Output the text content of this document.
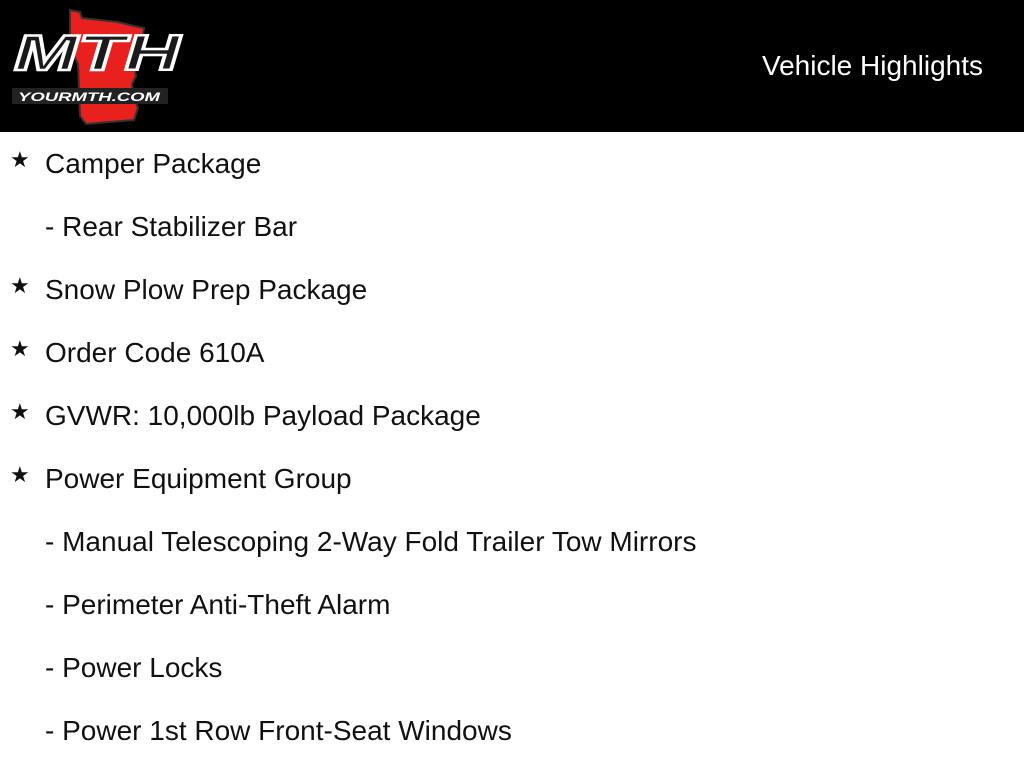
MTH
YOURMTH.COM
Vehicle Highlights
★ Camper Package
- Rear Stabilizer Bar
★ Snow Plow Prep Package
★ Order Code 610A
★ GVWR: 10,000lb Payload Package
★ Power Equipment Group
- Manual Telescoping 2-Way Fold Trailer Tow Mirrors
- Perimeter Anti-Theft Alarm
- Power Locks
- Power 1st Row Front-Seat Windows
